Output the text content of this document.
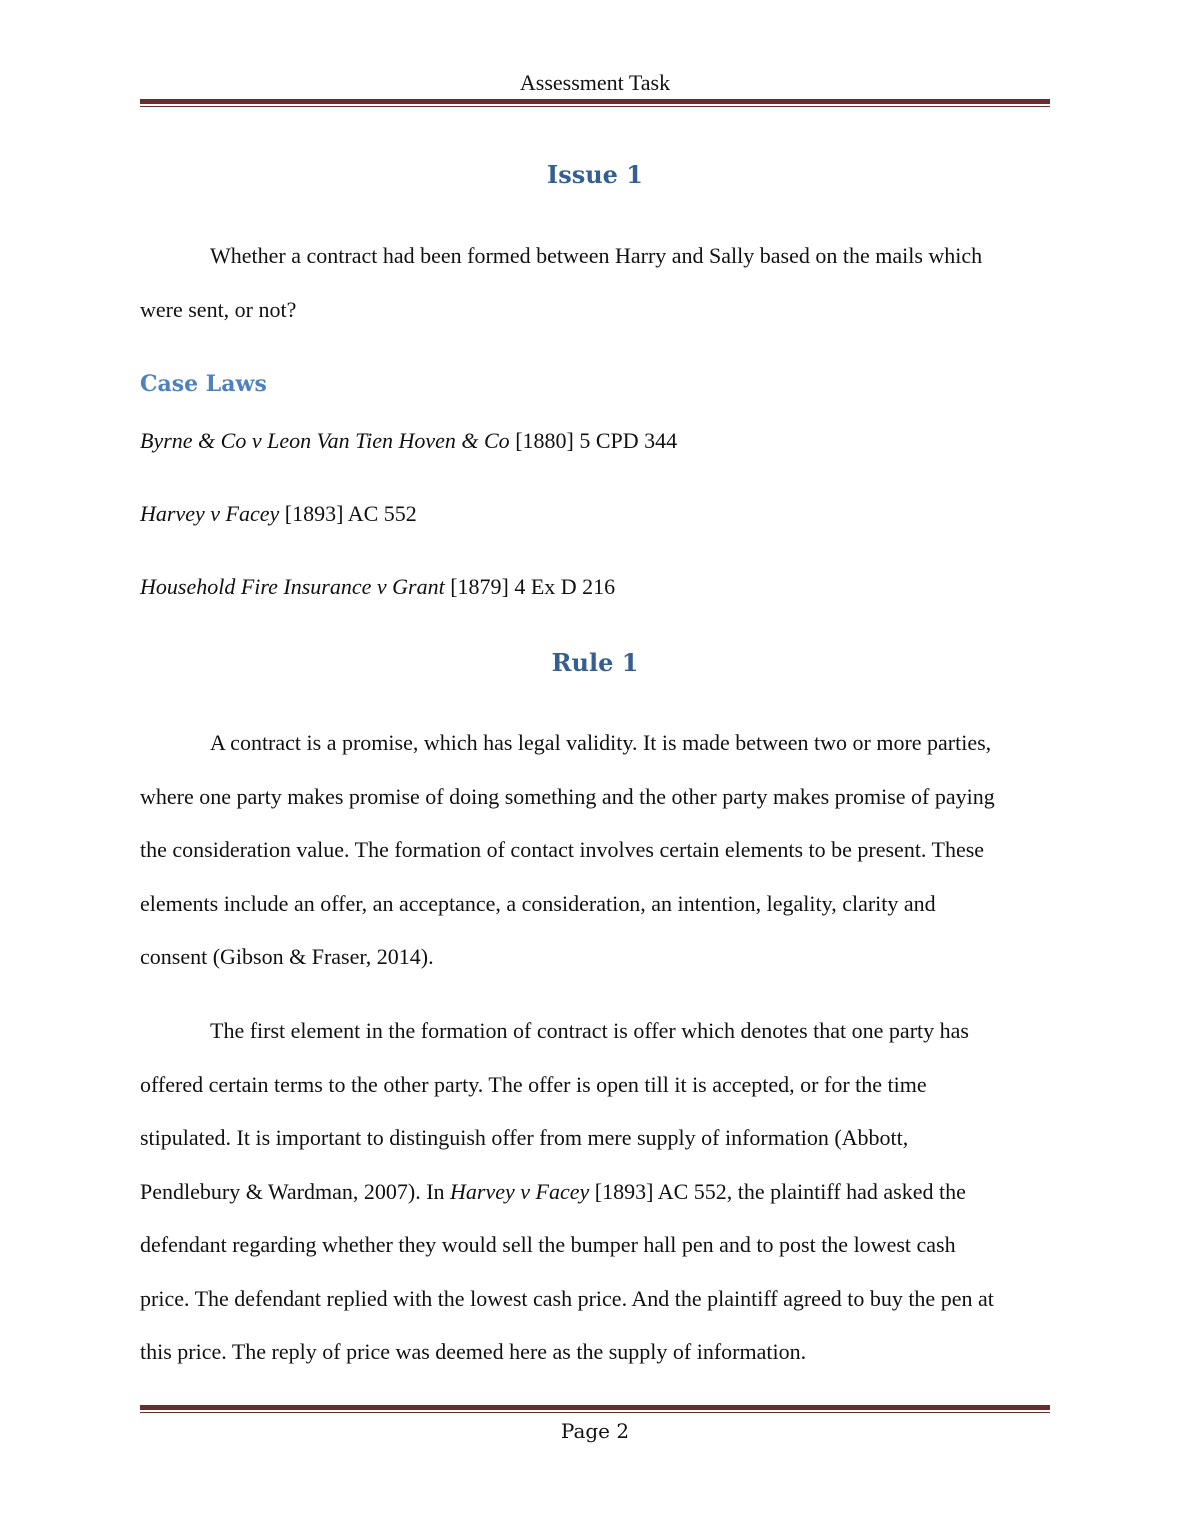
Assessment Task
Issue 1
Whether a contract had been formed between Harry and Sally based on the mails which
were sent, or not?
Case Laws
Byrne & Co v Leon Van Tien Hoven & Co [1880] 5 CPD 344
Harvey v Facey [1893] AC 552
Household Fire Insurance v Grant [1879] 4 Ex D 216
Rule 1
A contract is a promise, which has legal validity. It is made between two or more parties,
where one party makes promise of doing something and the other party makes promise of paying
the consideration value. The formation of contact involves certain elements to be present. These
elements include an offer, an acceptance, a consideration, an intention, legality, clarity and
consent (Gibson & Fraser, 2014).
The first element in the formation of contract is offer which denotes that one party has
offered certain terms to the other party. The offer is open till it is accepted, or for the time
stipulated. It is important to distinguish offer from mere supply of information (Abbott,
Pendlebury & Wardman, 2007). In Harvey v Facey [1893] AC 552, the plaintiff had asked the
defendant regarding whether they would sell the bumper hall pen and to post the lowest cash
price. The defendant replied with the lowest cash price. And the plaintiff agreed to buy the pen at
this price. The reply of price was deemed here as the supply of information.
Page 2
